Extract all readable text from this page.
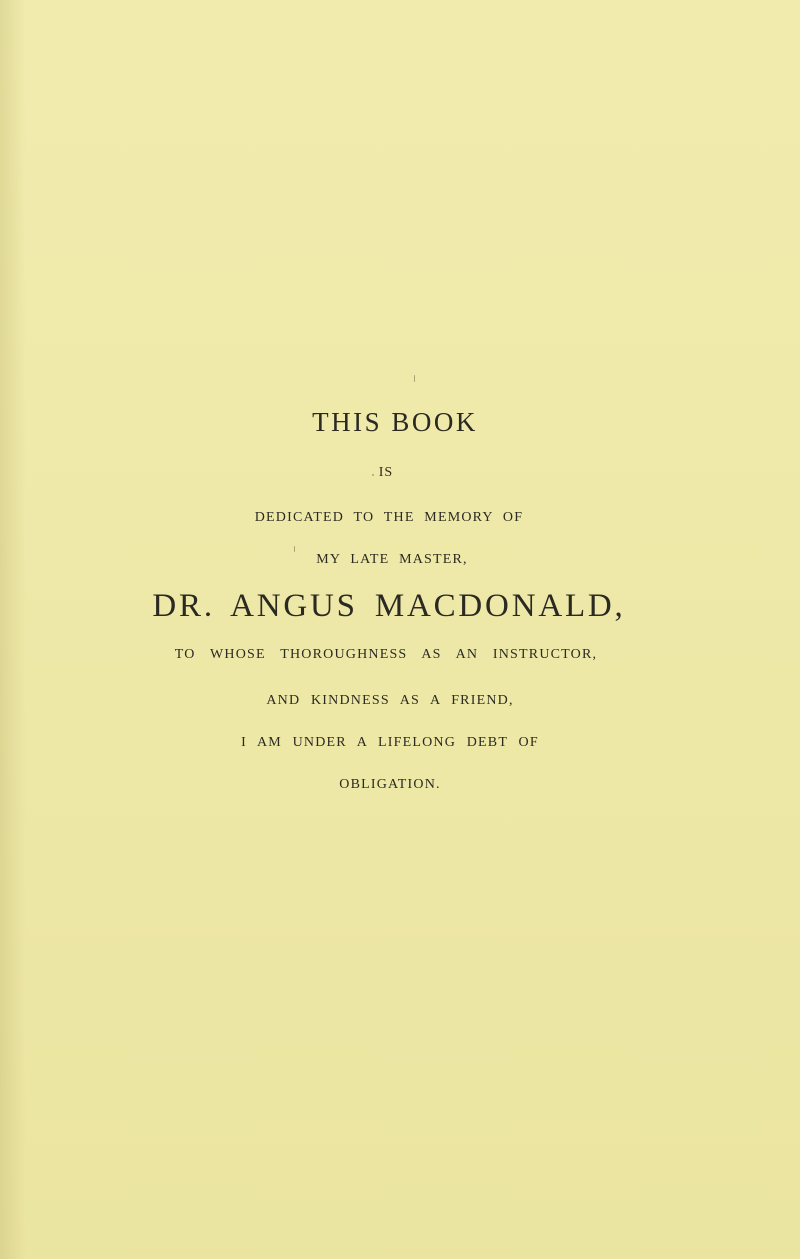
THIS BOOK
IS
DEDICATED TO THE MEMORY OF
MY LATE MASTER,
DR. ANGUS MACDONALD,
TO WHOSE THOROUGHNESS AS AN INSTRUCTOR,
AND KINDNESS AS A FRIEND,
I AM UNDER A LIFELONG DEBT OF
OBLIGATION.
